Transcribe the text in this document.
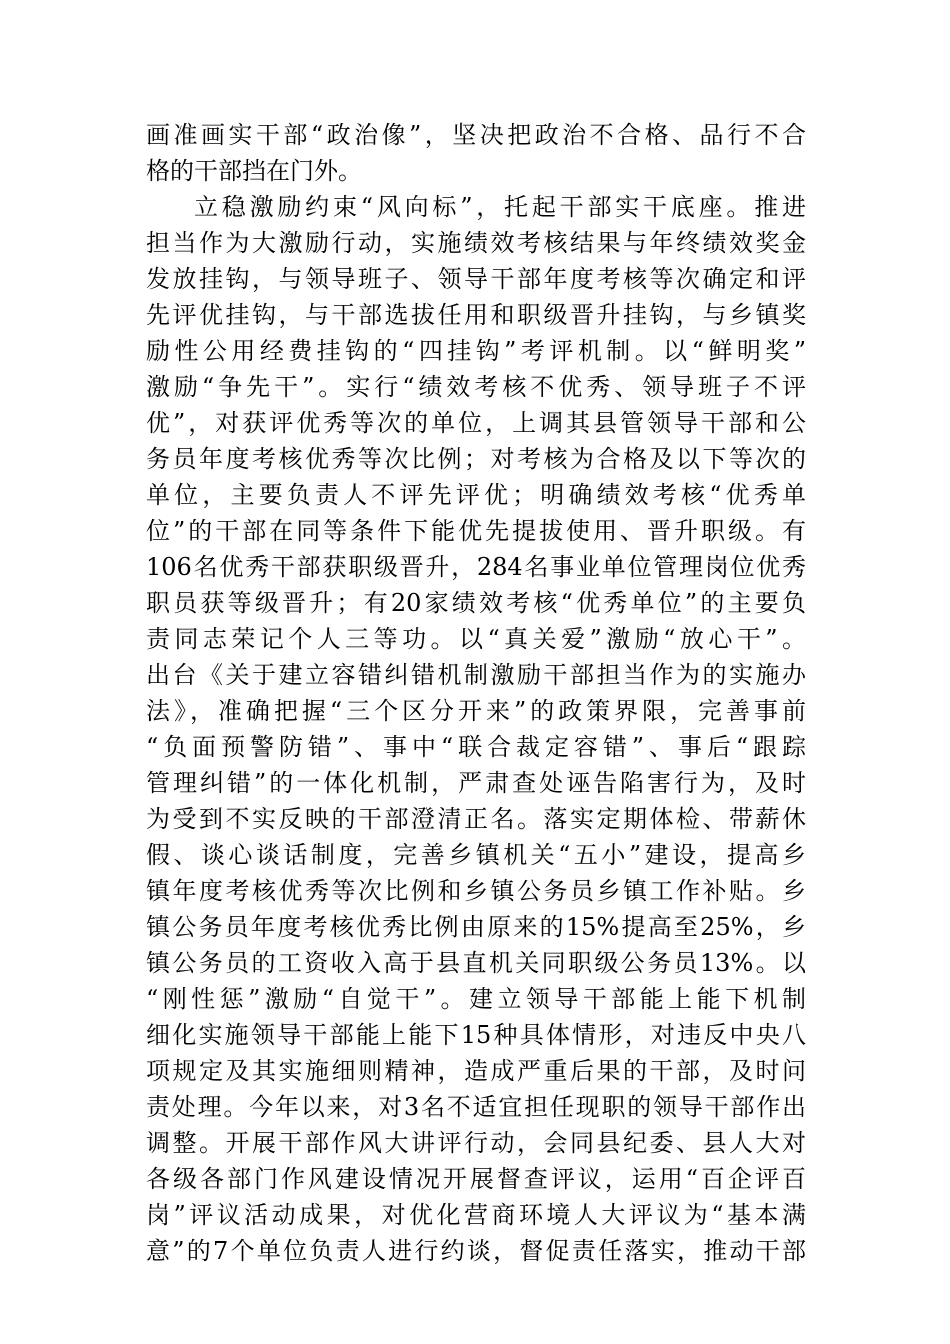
画准画实干部“政治像”，坚决把政治不合格、品行不合
格的干部挡在门外。
立稳激励约束“风向标”，托起干部实干底座。推进
担当作为大激励行动，实施绩效考核结果与年终绩效奖金
发放挂钩，与领导班子、领导干部年度考核等次确定和评
先评优挂钩，与干部选拔任用和职级晋升挂钩，与乡镇奖
励性公用经费挂钩的“四挂钩”考评机制。以“鲜明奖”
激励“争先干”。实行“绩效考核不优秀、领导班子不评
优”，对获评优秀等次的单位，上调其县管领导干部和公
务员年度考核优秀等次比例；对考核为合格及以下等次的
单位，主要负责人不评先评优；明确绩效考核“优秀单
位”的干部在同等条件下能优先提拔使用、晋升职级。有
106名优秀干部获职级晋升，284名事业单位管理岗位优秀
职员获等级晋升；有20家绩效考核“优秀单位”的主要负
责同志荣记个人三等功。以“真关爱”激励“放心干”。
出台《关于建立容错纠错机制激励干部担当作为的实施办
法》，准确把握“三个区分开来”的政策界限，完善事前
“负面预警防错”、事中“联合裁定容错”、事后“跟踪
管理纠错”的一体化机制，严肃查处诬告陷害行为，及时
为受到不实反映的干部澄清正名。落实定期体检、带薪休
假、谈心谈话制度，完善乡镇机关“五小”建设，提高乡
镇年度考核优秀等次比例和乡镇公务员乡镇工作补贴。乡
镇公务员年度考核优秀比例由原来的15%提高至25%，乡
镇公务员的工资收入高于县直机关同职级公务员13%。以
“刚性惩”激励“自觉干”。建立领导干部能上能下机制
细化实施领导干部能上能下15种具体情形，对违反中央八
项规定及其实施细则精神，造成严重后果的干部，及时问
责处理。今年以来，对3名不适宜担任现职的领导干部作出
调整。开展干部作风大讲评行动，会同县纪委、县人大对
各级各部门作风建设情况开展督查评议，运用“百企评百
岗”评议活动成果，对优化营商环境人大评议为“基本满
意”的7个单位负责人进行约谈，督促责任落实，推动干部
